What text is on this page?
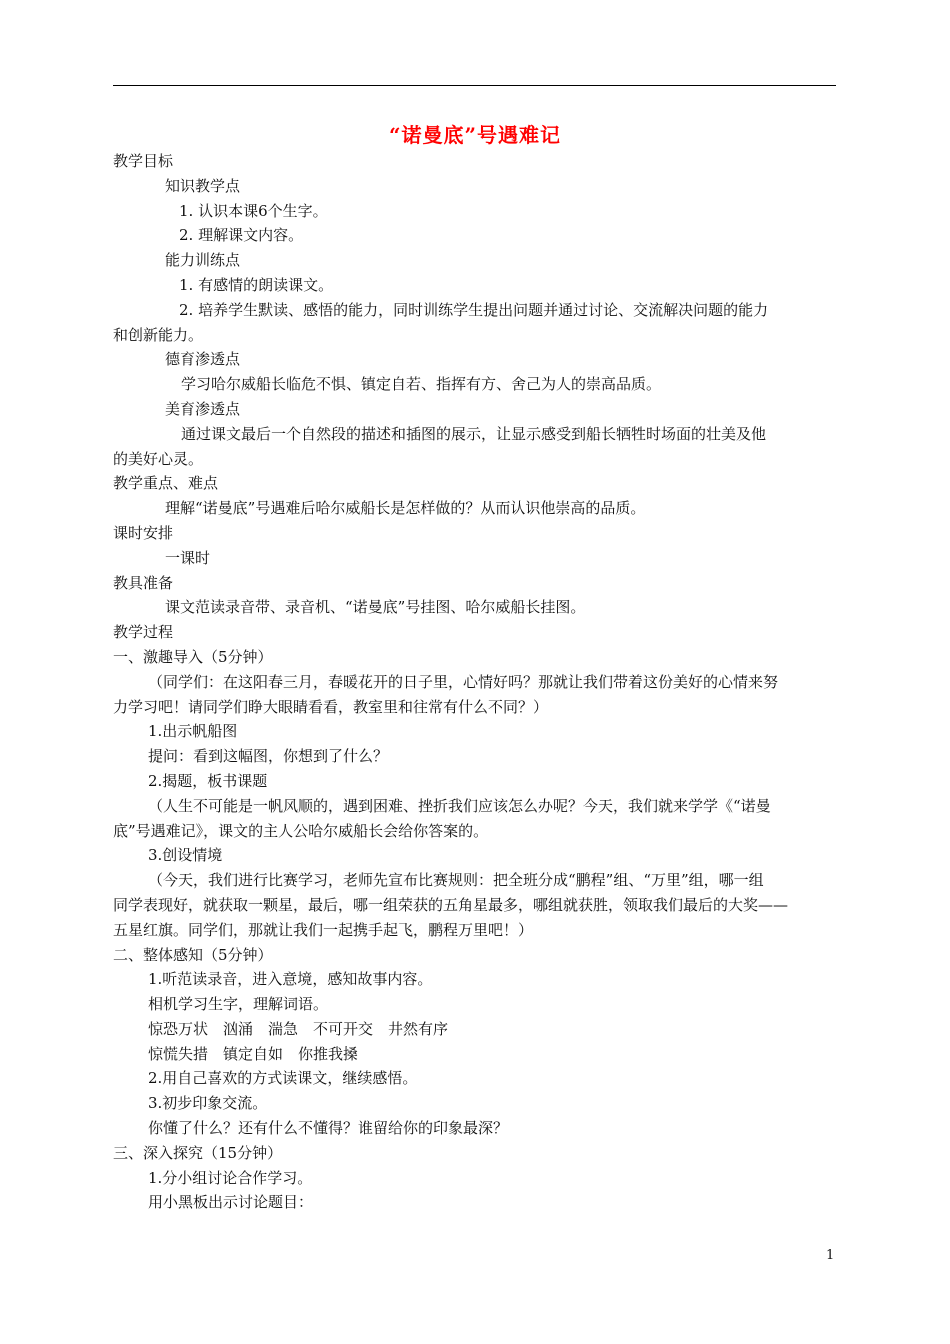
“诺曼底”号遇难记

教学目标

知识教学点

1. 认识本课6个生字。

2. 理解课文内容。

能力训练点

1. 有感情的朗读课文。

2. 培养学生默读、感悟的能力，同时训练学生提出问题并通过讨论、交流解决问题的能力

和创新能力。

德育渗透点

学习哈尔威船长临危不惧、镇定自若、指挥有方、舍己为人的崇高品质。

美育渗透点

通过课文最后一个自然段的描述和插图的展示，让显示感受到船长牺牲时场面的壮美及他

的美好心灵。

教学重点、难点

理解“诺曼底”号遇难后哈尔威船长是怎样做的？从而认识他崇高的品质。

课时安排

一课时

教具准备

课文范读录音带、录音机、“诺曼底”号挂图、哈尔威船长挂图。

教学过程

一、激趣导入（5分钟）

（同学们：在这阳春三月，春暖花开的日子里，心情好吗？那就让我们带着这份美好的心情来努

力学习吧！请同学们睁大眼睛看看，教室里和往常有什么不同？）

1.出示帆船图

提问：看到这幅图，你想到了什么？

2.揭题，板书课题

（人生不可能是一帆风顺的，遇到困难、挫折我们应该怎么办呢？今天，我们就来学学《“诺曼

底”号遇难记》，课文的主人公哈尔威船长会给你答案的。

3.创设情境

（今天，我们进行比赛学习，老师先宣布比赛规则：把全班分成“鹏程”组、“万里”组，哪一组

同学表现好，就获取一颗星，最后，哪一组荣获的五角星最多，哪组就获胜，领取我们最后的大奖——

五星红旗。同学们，那就让我们一起携手起飞，鹏程万里吧！）

二、整体感知（5分钟）

1.听范读录音，进入意境，感知故事内容。

相机学习生字，理解词语。

惊恐万状　汹涌　湍急　不可开交　井然有序

惊慌失措　镇定自如　你推我搡

2.用自己喜欢的方式读课文，继续感悟。

3.初步印象交流。

你懂了什么？还有什么不懂得？谁留给你的印象最深？

三、深入探究（15分钟）

1.分小组讨论合作学习。

用小黑板出示讨论题目：

1
